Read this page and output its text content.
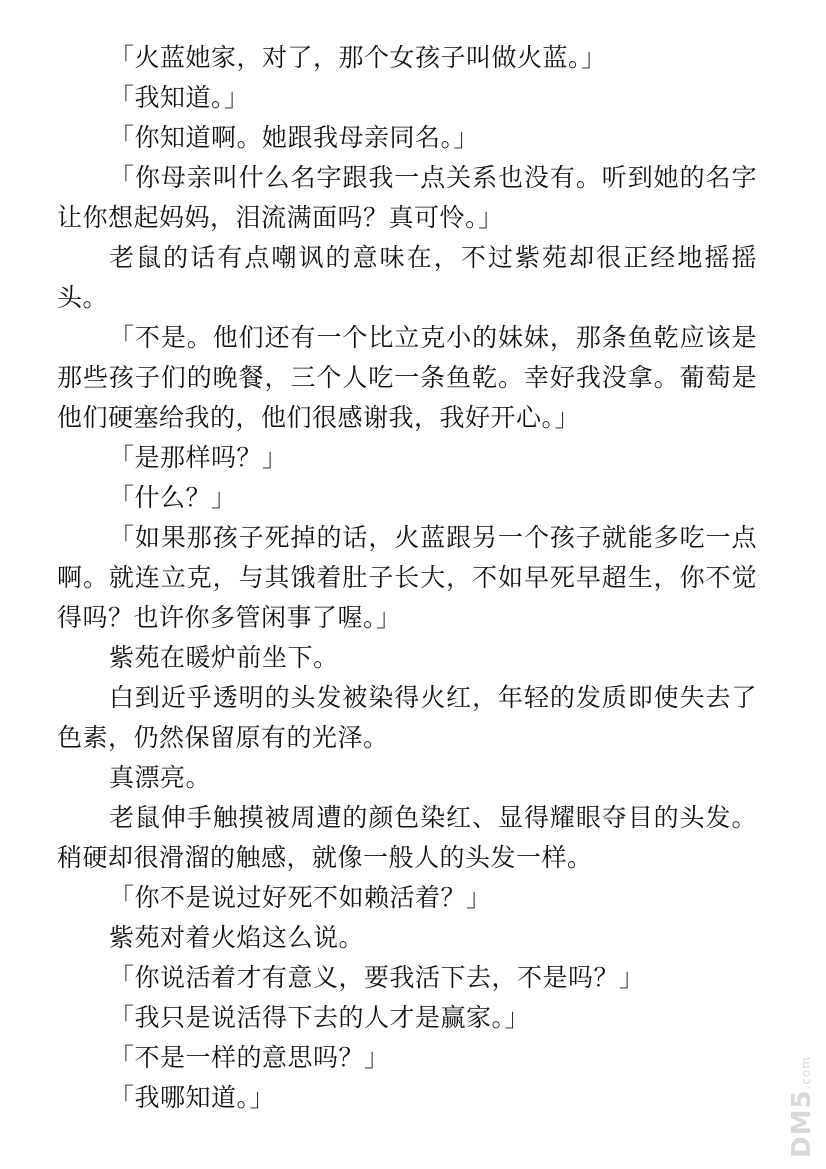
「火蓝她家，对了，那个女孩子叫做火蓝。」

「我知道。」

「你知道啊。她跟我母亲同名。」

「你母亲叫什么名字跟我一点关系也没有。听到她的名字让你想起妈妈，泪流满面吗？真可怜。」

老鼠的话有点嘲讽的意味在，不过紫苑却很正经地摇摇头。

「不是。他们还有一个比立克小的妹妹，那条鱼乾应该是那些孩子们的晚餐，三个人吃一条鱼乾。幸好我没拿。葡萄是他们硬塞给我的，他们很感谢我，我好开心。」

「是那样吗？」

「什么？」

「如果那孩子死掉的话，火蓝跟另一个孩子就能多吃一点啊。就连立克，与其饿着肚子长大，不如早死早超生，你不觉得吗？也许你多管闲事了喔。」

紫苑在暖炉前坐下。

白到近乎透明的头发被染得火红，年轻的发质即使失去了色素，仍然保留原有的光泽。

真漂亮。

老鼠伸手触摸被周遭的颜色染红、显得耀眼夺目的头发。稍硬却很滑溜的触感，就像一般人的头发一样。

「你不是说过好死不如赖活着？」

紫苑对着火焰这么说。

「你说活着才有意义，要我活下去，不是吗？」

「我只是说活得下去的人才是赢家。」

「不是一样的意思吗？」

「我哪知道。」	DM5.com
